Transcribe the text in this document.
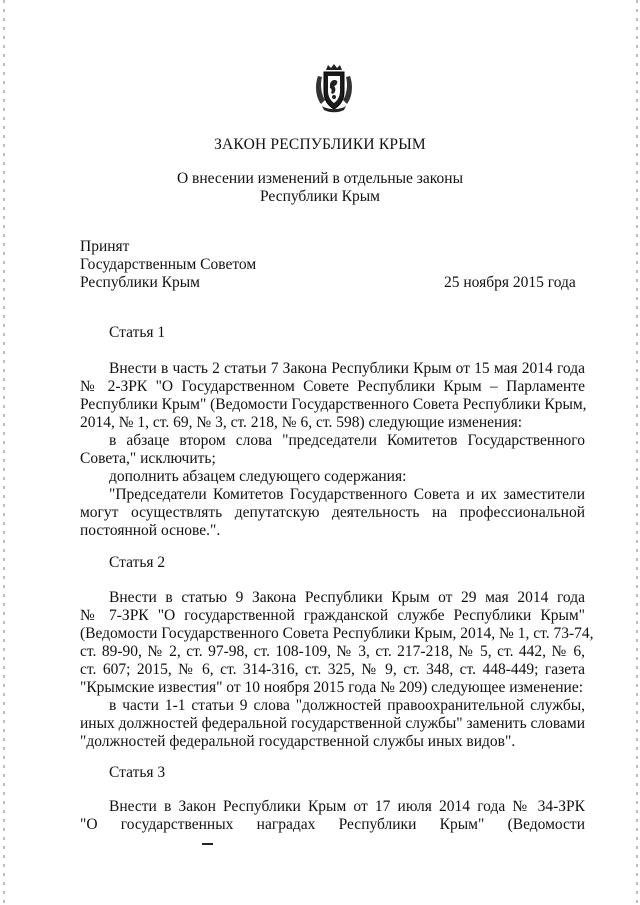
ЗАКОН РЕСПУБЛИКИ КРЫМ
О внесении изменений в отдельные законы
Республики Крым
Принят
Государственным Советом
Республики Крым	25 ноября 2015 года
Статья 1
Внести в часть 2 статьи 7 Закона Республики Крым от 15 мая 2014 года
№ 2-ЗРК "О Государственном Совете Республики Крым – Парламенте
Республики Крым" (Ведомости Государственного Совета Республики Крым,
2014, № 1, ст. 69, № 3, ст. 218, № 6, ст. 598) следующие изменения:
в абзаце втором слова "председатели Комитетов Государственного
Совета," исключить;
дополнить абзацем следующего содержания:
"Председатели Комитетов Государственного Совета и их заместители
могут осуществлять депутатскую деятельность на профессиональной
постоянной основе.".
Статья 2
Внести в статью 9 Закона Республики Крым от 29 мая 2014 года
№ 7-ЗРК "О государственной гражданской службе Республики Крым"
(Ведомости Государственного Совета Республики Крым, 2014, № 1, ст. 73-74,
ст. 89-90, № 2, ст. 97-98, ст. 108-109, № 3, ст. 217-218, № 5, ст. 442, № 6,
ст. 607; 2015, № 6, ст. 314-316, ст. 325, № 9, ст. 348, ст. 448-449; газета
"Крымские известия" от 10 ноября 2015 года № 209) следующее изменение:
в части 1-1 статьи 9 слова "должностей правоохранительной службы,
иных должностей федеральной государственной службы" заменить словами
"должностей федеральной государственной службы иных видов".
Статья 3
Внести в Закон Республики Крым от 17 июля 2014 года № 34-ЗРК
"О государственных наградах Республики Крым" (Ведомости
